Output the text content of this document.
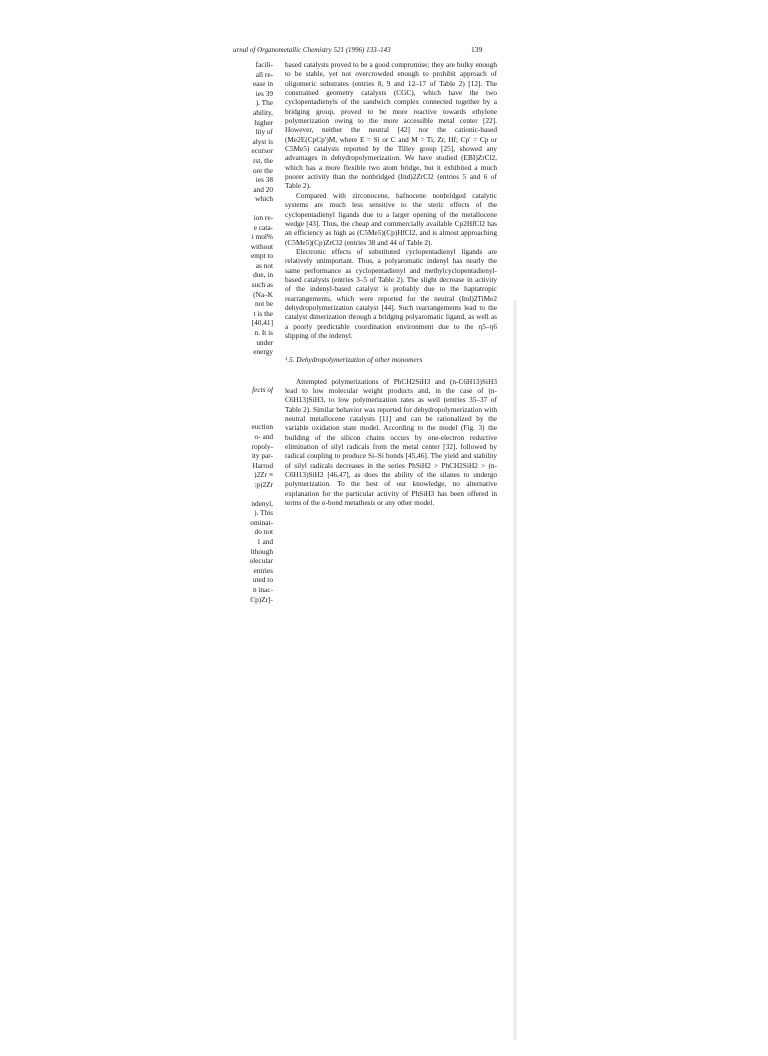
urnal of Organometallic Chemistry 521 (1996) 133–143	139
facili-
all re-
ease in
ies 39
). The
ability,
higher
lity of
alyst is
ecursor
rst, the
ore the
ies 38
and 20
which
ion re-
e cata-
i mol%
without
empt to
as not
due, in
such as
(Na–K
not be
t is the
[40,41]
n. It is
under
energy
fects of
euction
o- and
ropoly-
ity par-
Harrod
)2Zr ≡
:p)2Zr
ndenyl,
). This
ominat-
do not
1 and
lthough
olecular
entries
uted to
n inac-
Cp)Zr]-

based catalysts proved to be a good compromise; they are bulky enough to be stable, yet not overcrowded enough to prohibit approach of oligomeric substrates (entries 8, 9 and 12–17 of Table 2) [12]. The constrained geometry catalysts (CGC), which have the two cyclopentadienyls of the sandwich complex connected together by a bridging group, proved to be more reactive towards ethylene polymerization owing to the more accessible metal center [22]. However, neither the neutral [42] nor the cationic-based (Me2E(CpCp′)M, where E = Si or C and M = Ti, Zr, Hf; Cp′ = Cp or C5Me5) catalysts reported by the Tilley group [25], showed any advantages in dehydropolymerization. We have studied (EBI)ZrCl2, which has a more flexible two atom bridge, but it exhibited a much poorer activity than the nonbridged (Ind)2ZrCl2 (entries 5 and 6 of Table 2).

Compared with zirconocene, hafnocene nonbridged catalytic systems are much less sensitive to the steric effects of the cyclopentadienyl ligands due to a larger opening of the metallocene wedge [43]. Thus, the cheap and commercially available Cp2HfCl2 has an efficiency as high as (C5Me5)(Cp)HfCl2, and is almost approaching (C5Me5)(Cp)ZrCl2 (entries 38 and 44 of Table 2).

Electronic effects of substituted cyclopentadienyl ligands are relatively unimportant. Thus, a polyaromatic indenyl has nearly the same performance as cyclopentadienyl and methylcyclopentadienyl-based catalysts (entries 3–5 of Table 2). The slight decrease in activity of the indenyl-based catalyst is probably due to the haptatropic rearrangements, which were reported for the neutral (Ind)2TiMe2 dehydropolymerization catalyst [44]. Such rearrangements lead to the catalyst dimerization through a bridging polyaromatic ligand, as well as a poorly predictable coordination environment due to the η5–η6 slipping of the indenyl.

¹.5. Dehydropolymerization of other monomers

Attempted polymerizations of PhCH2SiH3 and (n-C6H13)SiH3 lead to low molecular weight products and, in the case of (n-C6H13)SiH3, to low polymerization rates as well (entries 35–37 of Table 2). Similar behavior was reported for dehydropolymerization with neutral metallocene catalysts [11] and can be rationalized by the variable oxidation state model. According to the model (Fig. 3) the building of the silicon chains occurs by one-electron reductive elimination of silyl radicals from the metal center [32], followed by radical coupling to produce Si–Si bonds [45,46]. The yield and stability of silyl radicals decreases in the series PhSiH2 > PhCH2SiH2 > (n-C6H13)SiH2 [46,47], as does the ability of the silanes to undergo polymerization. To the best of our knowledge, no alternative explanation for the particular activity of PhSiH3 has been offered in terms of the σ-bond metathesis or any other model.
